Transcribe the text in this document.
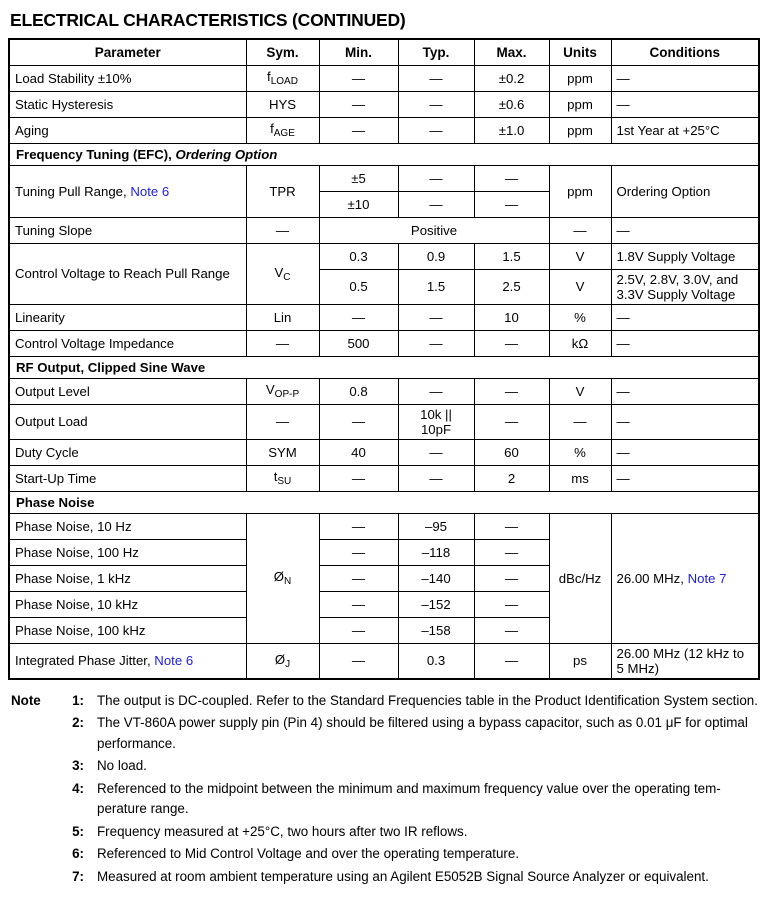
ELECTRICAL CHARACTERISTICS (CONTINUED)
Parameter	Sym.	Min.	Typ.	Max.	Units	Conditions
Load Stability ±10%	$f_{LOAD}$	—	—	±0.2	ppm	—
Static Hysteresis	HYS	—	—	±0.6	ppm	—
Aging	$f_{AGE}$	—	—	±1.0	ppm	1st Year at +25°C
Frequency Tuning (EFC), Ordering Option						
Tuning Pull Range, Note 6	TPR	±5	—	—	ppm	Ordering Option
		±10	—	—		
Tuning Slope	—	Positive			—	—
Control Voltage to Reach Pull Range	$V_C$	0.3	0.9	1.5	V	1.8V Supply Voltage
		0.5	1.5	2.5	V	2.5V, 2.8V, 3.0V, and 3.3V Supply Voltage
Linearity	Lin	—	—	10	%	—
Control Voltage Impedance	—	500	—	—	kΩ	—
RF Output, Clipped Sine Wave						
Output Level	$V_{OP-P}$	0.8	—	—	V	—
Output Load	—	—	10k || 10pF	—	—	—
Duty Cycle	SYM	40	—	60	%	—
Start-Up Time	$t_{SU}$	—	—	2	ms	—
Phase Noise						
Phase Noise, 10 Hz	$Ø_N$	—	–95	—	dBc/Hz	26.00 MHz, Note 7
Phase Noise, 100 Hz		—	–118	—		
Phase Noise, 1 kHz		—	–140	—		
Phase Noise, 10 kHz		—	–152	—		
Phase Noise, 100 kHz		—	–158	—		
Integrated Phase Jitter, Note 6	$Ø_J$	—	0.3	—	ps	26.00 MHz (12 kHz to 5 MHz)
Note	1: The output is DC-coupled. Refer to the Standard Frequencies table in the Product Identification System section.
2: The VT-860A power supply pin (Pin 4) should be filtered using a bypass capacitor, such as 0.01 μF for optimal performance.
3: No load.
4: Referenced to the midpoint between the minimum and maximum frequency value over the operating temperature range.
5: Frequency measured at +25°C, two hours after two IR reflows.
6: Referenced to Mid Control Voltage and over the operating temperature.
7: Measured at room ambient temperature using an Agilent E5052B Signal Source Analyzer or equivalent.
